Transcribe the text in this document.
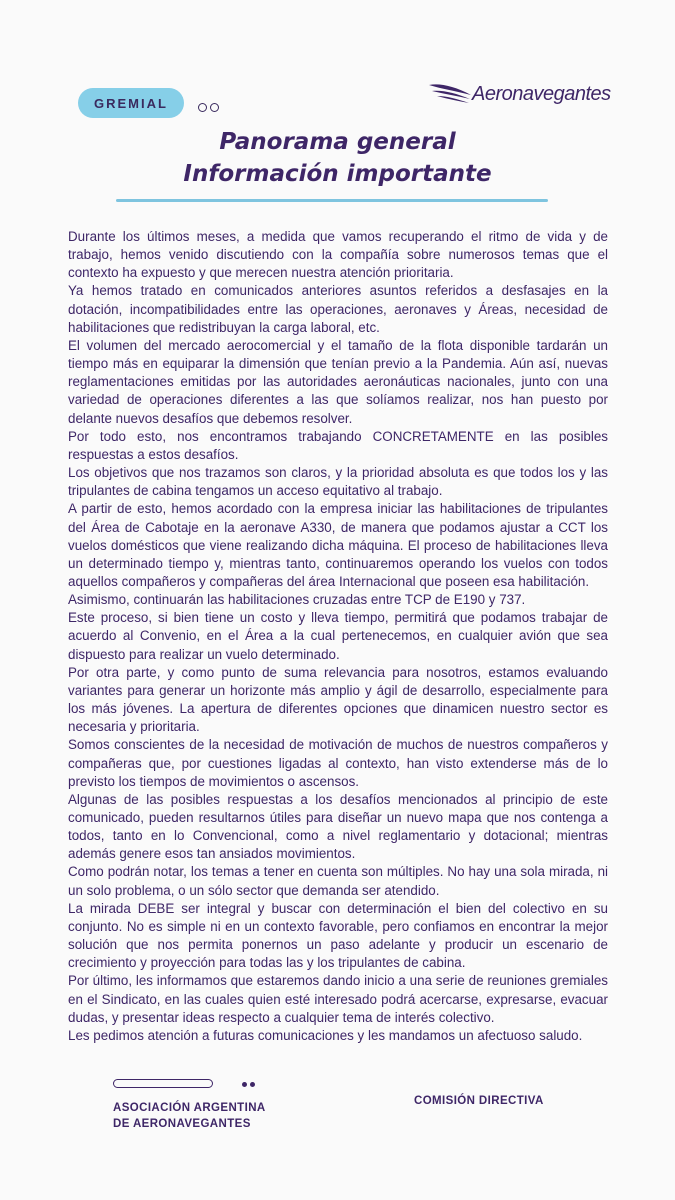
GREMIAL	Aeronavegantes
Panorama general
Información importante

Durante los últimos meses, a medida que vamos recuperando el ritmo de vida y de trabajo, hemos venido discutiendo con la compañía sobre numerosos temas que el contexto ha expuesto y que merecen nuestra atención prioritaria.

Ya hemos tratado en comunicados anteriores asuntos referidos a desfasajes en la dotación, incompatibilidades entre las operaciones, aeronaves y Áreas, necesidad de habilitaciones que redistribuyan la carga laboral, etc.

El volumen del mercado aerocomercial y el tamaño de la flota disponible tardarán un tiempo más en equiparar la dimensión que tenían previo a la Pandemia. Aún así, nuevas reglamentaciones emitidas por las autoridades aeronáuticas nacionales, junto con una variedad de operaciones diferentes a las que solíamos realizar, nos han puesto por delante nuevos desafíos que debemos resolver.

Por todo esto, nos encontramos trabajando CONCRETAMENTE en las posibles respuestas a estos desafíos.

Los objetivos que nos trazamos son claros, y la prioridad absoluta es que todos los y las tripulantes de cabina tengamos un acceso equitativo al trabajo.

A partir de esto, hemos acordado con la empresa iniciar las habilitaciones de tripulantes del Área de Cabotaje en la aeronave A330, de manera que podamos ajustar a CCT los vuelos domésticos que viene realizando dicha máquina. El proceso de habilitaciones lleva un determinado tiempo y, mientras tanto, continuaremos operando los vuelos con todos aquellos compañeros y compañeras del área Internacional que poseen esa habilitación.

Asimismo, continuarán las habilitaciones cruzadas entre TCP de E190 y 737.

Este proceso, si bien tiene un costo y lleva tiempo, permitirá que podamos trabajar de acuerdo al Convenio, en el Área a la cual pertenecemos, en cualquier avión que sea dispuesto para realizar un vuelo determinado.

Por otra parte, y como punto de suma relevancia para nosotros, estamos evaluando variantes para generar un horizonte más amplio y ágil de desarrollo, especialmente para los más jóvenes. La apertura de diferentes opciones que dinamicen nuestro sector es necesaria y prioritaria.

Somos conscientes de la necesidad de motivación de muchos de nuestros compañeros y compañeras que, por cuestiones ligadas al contexto, han visto extenderse más de lo previsto los tiempos de movimientos o ascensos.

Algunas de las posibles respuestas a los desafíos mencionados al principio de este comunicado, pueden resultarnos útiles para diseñar un nuevo mapa que nos contenga a todos, tanto en lo Convencional, como a nivel reglamentario y dotacional; mientras además genere esos tan ansiados movimientos.

Como podrán notar, los temas a tener en cuenta son múltiples. No hay una sola mirada, ni un solo problema, o un sólo sector que demanda ser atendido.

La mirada DEBE ser integral y buscar con determinación el bien del colectivo en su conjunto. No es simple ni en un contexto favorable, pero confiamos en encontrar la mejor solución que nos permita ponernos un paso adelante y producir un escenario de crecimiento y proyección para todas las y los tripulantes de cabina.

Por último, les informamos que estaremos dando inicio a una serie de reuniones gremiales en el Sindicato, en las cuales quien esté interesado podrá acercarse, expresarse, evacuar dudas, y presentar ideas respecto a cualquier tema de interés colectivo.

Les pedimos atención a futuras comunicaciones y les mandamos un afectuoso saludo.

ASOCIACIÓN ARGENTINA
DE AERONAVEGANTES
COMISIÓN DIRECTIVA
